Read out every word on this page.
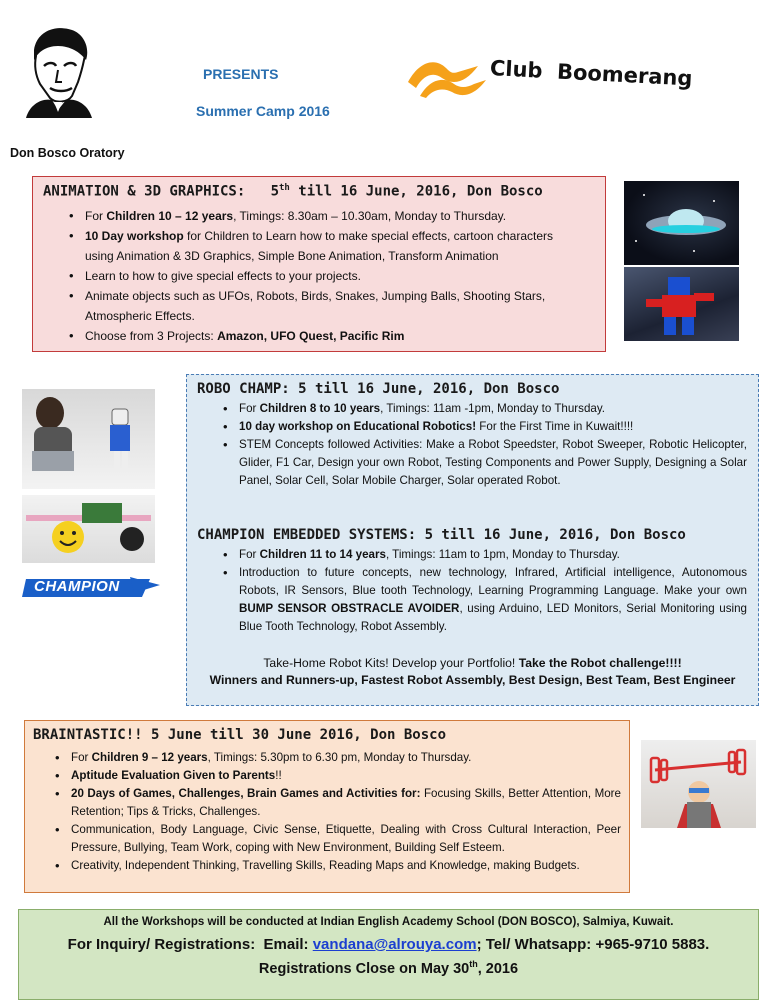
Don Bosco Oratory
PRESENTS
Summer Camp 2016
Club  Boomerang
ANIMATION & 3D GRAPHICS:   5th till 16 June, 2016, Don Bosco
• For Children 10 – 12 years, Timings: 8.30am – 10.30am, Monday to Thursday.
• 10 Day workshop for Children to Learn how to make special effects, cartoon characters using Animation & 3D Graphics, Simple Bone Animation, Transform Animation
• Learn to how to give special effects to your projects.
• Animate objects such as UFOs, Robots, Birds, Snakes, Jumping Balls, Shooting Stars, Atmospheric Effects.
• Choose from 3 Projects: Amazon, UFO Quest, Pacific Rim
ROBO CHAMP: 5 till 16 June, 2016, Don Bosco
• For Children 8 to 10 years, Timings: 11am -1pm, Monday to Thursday.
• 10 day workshop on Educational Robotics! For the First Time in Kuwait!!!!
• STEM Concepts followed Activities: Make a Robot Speedster, Robot Sweeper, Robotic Helicopter, Glider, F1 Car, Design your own Robot, Testing Components and Power Supply, Designing a Solar Panel, Solar Cell, Solar Mobile Charger, Solar operated Robot.
CHAMPION EMBEDDED SYSTEMS: 5 till 16 June, 2016, Don Bosco
• For Children 11 to 14 years, Timings: 11am to 1pm, Monday to Thursday.
• Introduction to future concepts, new technology, Infrared, Artificial intelligence, Autonomous Robots, IR Sensors, Blue tooth Technology, Learning Programming Language. Make your own BUMP SENSOR OBSTRACLE AVOIDER, using Arduino, LED Monitors, Serial Monitoring using Blue Tooth Technology, Robot Assembly.
Take-Home Robot Kits! Develop your Portfolio! Take the Robot challenge!!!!
Winners and Runners-up, Fastest Robot Assembly, Best Design, Best Team, Best Engineer
CHAMPION
BRAINTASTIC!! 5 June till 30 June 2016, Don Bosco
• For Children 9 – 12 years, Timings: 5.30pm to 6.30 pm, Monday to Thursday.
• Aptitude Evaluation Given to Parents!!
• 20 Days of Games, Challenges, Brain Games and Activities for: Focusing Skills, Better Attention, More Retention; Tips & Tricks, Challenges.
• Communication, Body Language, Civic Sense, Etiquette, Dealing with Cross Cultural Interaction, Peer Pressure, Bullying, Team Work, coping with New Environment, Building Self Esteem.
• Creativity, Independent Thinking, Travelling Skills, Reading Maps and Knowledge, making Budgets.
All the Workshops will be conducted at Indian English Academy School (DON BOSCO), Salmiya, Kuwait.
For Inquiry/ Registrations:  Email: vandana@alrouya.com; Tel/ Whatsapp: +965-9710 5883.
Registrations Close on May 30th, 2016
